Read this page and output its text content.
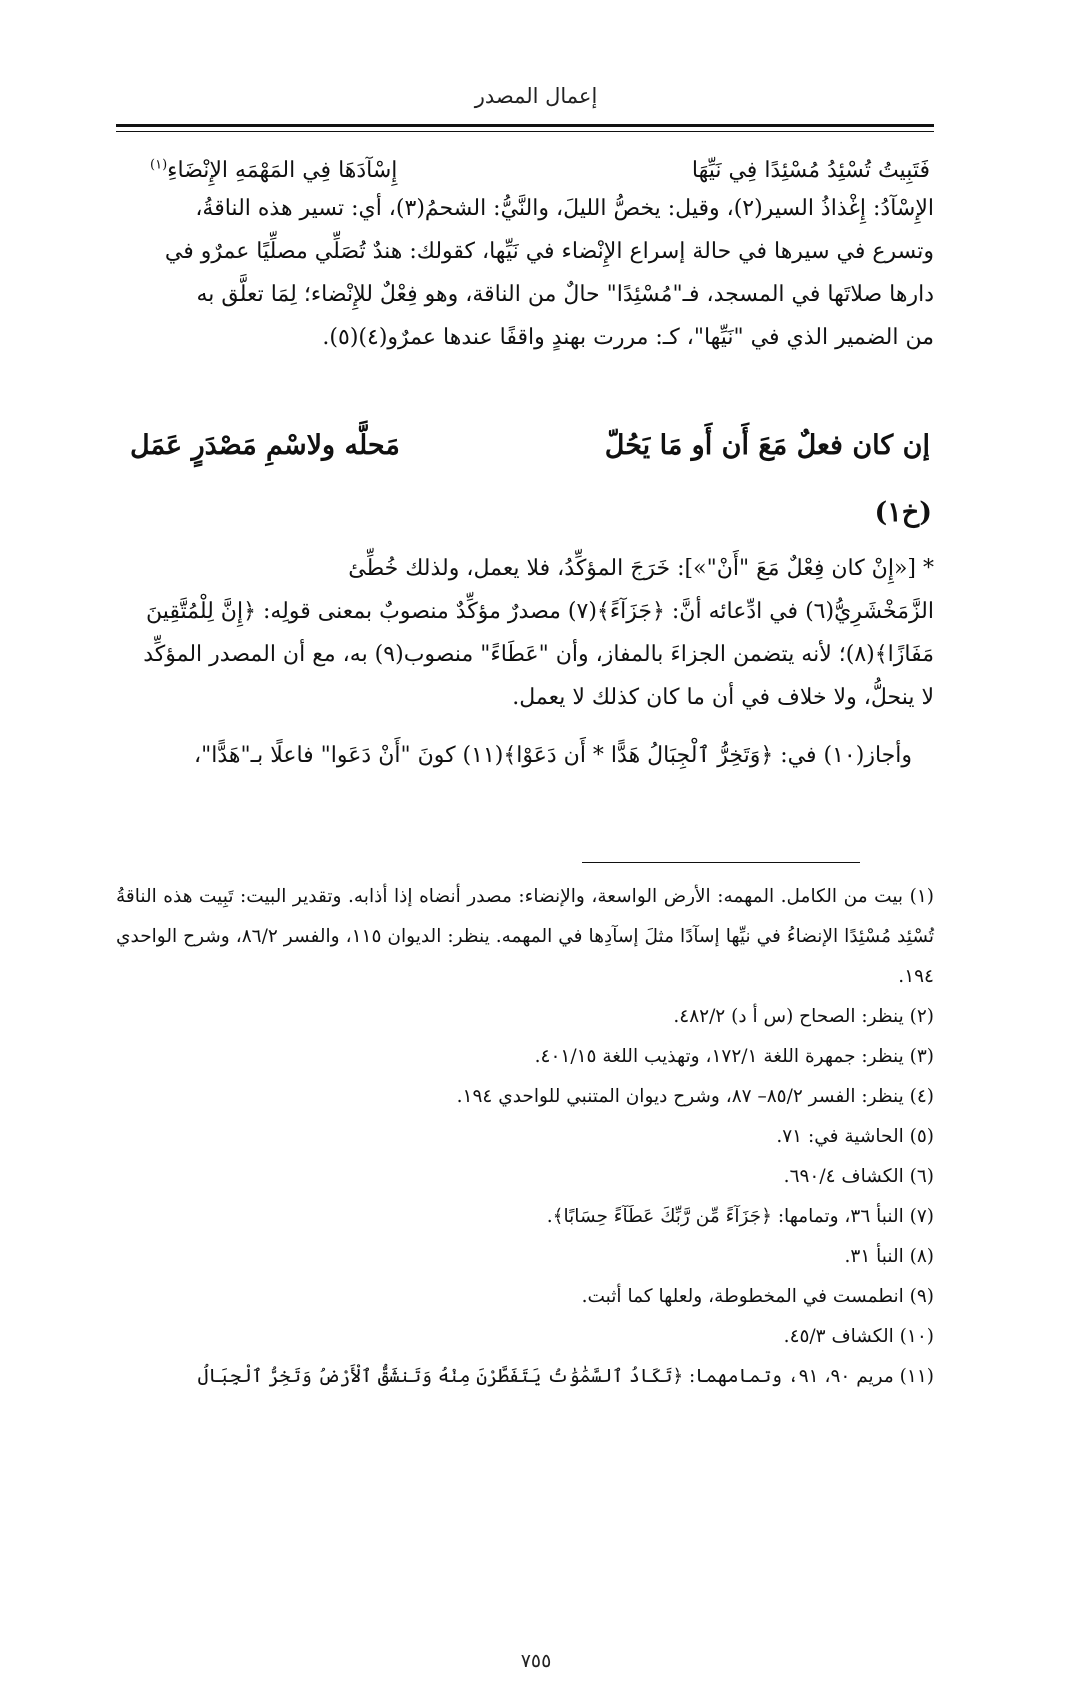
إعمال المصدر
فَتَبِيتُ تُسْئِدُ مُسْئِدًا فِي نَيِّهَا
إِسْآدَهَا فِي المَهْمَهِ الإِنْضَاءِ$^{(١)}$
الإِسْآدُ: إِغْذاذُ السير(٢)، وقيل: يخصُّ الليلَ، والنَّيُّ: الشحمُ(٣)، أي: تسير هذه الناقةُ،
وتسرع في سيرها في حالة إسراع الإِنْضاء في نَيِّها، كقولك: هندٌ تُصَلِّي مصلِّيًا عمرٌو في
دارها صلاتَها في المسجد، فـ"مُسْئِدًا" حالٌ من الناقة، وهو فِعْلٌ للإِنْضاء؛ لِمَا تعلَّق به
من الضمير الذي في "نَيِّها"، كـ: مررت بهندٍ واقفًا عندها عمرٌو(٤)(٥).
إن كان فعلٌ مَعَ أَن أَو مَا يَحُلّ
مَحلَّه ولاسْمِ مَصْدَرٍ عَمَل
(خ١)
* [«إِنْ كان فِعْلٌ مَعَ "أَنْ"»]: خَرَجَ المؤكِّدُ، فلا يعمل، ولذلك خُطِّئ
الزَّمَخْشَرِيُّ(٦) في ادِّعائه أنَّ: ﴿جَزَآءً﴾(٧) مصدرٌ مؤكِّدٌ منصوبٌ بمعنى قولِه: ﴿إِنَّ لِلْمُتَّقِينَ
مَفَازًا﴾(٨)؛ لأنه يتضمن الجزاءَ بالمفاز، وأن "عَطَاءً" منصوب(٩) به، مع أن المصدر المؤكِّد
لا ينحلُّ، ولا خلاف في أن ما كان كذلك لا يعمل.
وأجاز(١٠) في: ﴿وَتَخِرُّ ٱلْجِبَالُ هَدًّا * أَن دَعَوْا﴾(١١) كونَ "أَنْ دَعَوا" فاعلًا بـ"هَدًّا"،

(١) بيت من الكامل. المهمه: الأرض الواسعة، والإنضاء: مصدر أنضاه إذا أذابه. وتقدير البيت: تَبِيت هذه الناقةُ تُسْئِد مُسْئِدًا الإنضاءُ في نيِّها إسآدًا مثلَ إسآدِها في المهمه. ينظر: الديوان ١١٥، والفسر ٨٦/٢، وشرح الواحدي ١٩٤.

(٢) ينظر: الصحاح (س أ د) ٤٨٢/٢.

(٣) ينظر: جمهرة اللغة ١٧٢/١، وتهذيب اللغة ٤٠١/١٥.

(٤) ينظر: الفسر ٨٥/٢– ٨٧، وشرح ديوان المتنبي للواحدي ١٩٤.

(٥) الحاشية في: ٧١.

(٦) الكشاف ٦٩٠/٤.

(٧) النبأ ٣٦، وتمامها: ﴿جَزَآءً مِّن رَّبِّكَ عَطَآءً حِسَابًا﴾.

(٨) النبأ ٣١.

(٩) انطمست في المخطوطة، ولعلها كما أثبت.

(١٠) الكشاف ٤٥/٣.

(١١) مريم ٩٠، ٩١، وتمامهما: ﴿تَكَادُ ٱلسَّمَٰوَٰتُ يَتَفَطَّرْنَ مِنْهُ وَتَنشَقُّ ٱلْأَرْضُ وَتَخِرُّ ٱلْجِبَالُ

٧٥٥
